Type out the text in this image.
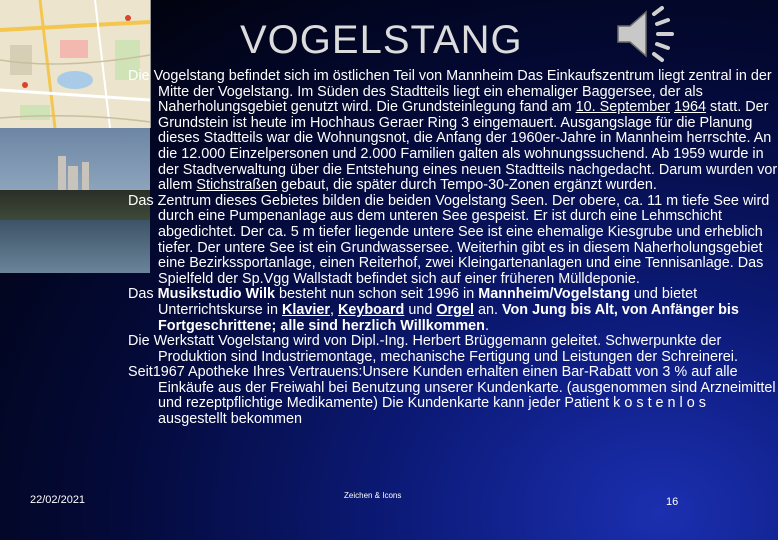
VOGELSTANG

Die Vogelstang befindet sich im östlichen Teil von Mannheim Das Einkaufszentrum liegt zentral in der Mitte der Vogelstang. Im Süden des Stadtteils liegt ein ehemaliger Baggersee, der als Naherholungsgebiet genutzt wird. Die Grundsteinlegung fand am 10. September 1964 statt. Der Grundstein ist heute im Hochhaus Geraer Ring 3 eingemauert. Ausgangslage für die Planung dieses Stadtteils war die Wohnungsnot, die Anfang der 1960er-Jahre in Mannheim herrschte. An die 12.000 Einzelpersonen und 2.000 Familien galten als wohnungssuchend. Ab 1959 wurde in der Stadtverwaltung über die Entstehung eines neuen Stadtteils nachgedacht. Darum wurden vor allem Stichstraßen gebaut, die später durch Tempo-30-Zonen ergänzt wurden.

Das Zentrum dieses Gebietes bilden die beiden Vogelstang Seen. Der obere, ca. 11 m tiefe See wird durch eine Pumpenanlage aus dem unteren See gespeist. Er ist durch eine Lehmschicht abgedichtet. Der ca. 5 m tiefer liegende untere See ist eine ehemalige Kiesgrube und erheblich tiefer. Der untere See ist ein Grundwassersee. Weiterhin gibt es in diesem Naherholungsgebiet eine Bezirkssportanlage, einen Reiterhof, zwei Kleingartenanlagen und eine Tennisanlage. Das Spielfeld der Sp.Vgg Wallstadt befindet sich auf einer früheren Mülldeponie.

Das Musikstudio Wilk besteht nun schon seit 1996 in Mannheim/Vogelstang und bietet Unterrichtskurse in Klavier, Keyboard und Orgel an. Von Jung bis Alt, von Anfänger bis Fortgeschrittene; alle sind herzlich Willkommen.

Die Werkstatt Vogelstang wird von Dipl.-Ing. Herbert Brüggemann geleitet. Schwerpunkte der Produktion sind Industriemontage, mechanische Fertigung und Leistungen der Schreinerei.

Seit1967 Apotheke Ihres Vertrauens:Unsere Kunden erhalten einen Bar-Rabatt von 3 % auf alle Einkäufe aus der Freiwahl bei Benutzung unserer Kundenkarte. (ausgenommen sind Arzneimittel und rezeptpflichtige Medikamente) Die Kundenkarte kann jeder Patient k o s t e n l o s ausgestellt bekommen

22/02/2021	Zeichen & Icons
16
